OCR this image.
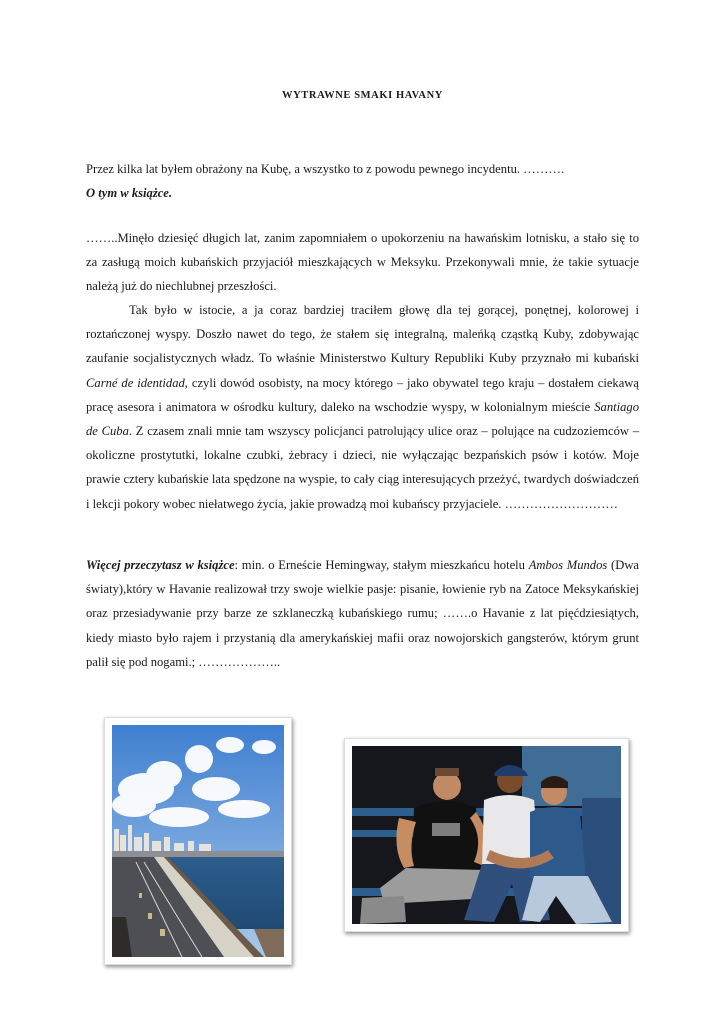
WYTRAWNE SMAKI HAVANY

Przez kilka lat byłem obrażony na Kubę, a wszystko to z powodu pewnego incydentu. ……….
O tym w książce.

……..Minęło dziesięć długich lat, zanim zapomniałem o upokorzeniu na hawańskim lotnisku, a stało się to za zasługą moich kubańskich przyjaciół mieszkających w Meksyku. Przekonywali mnie, że takie sytuacje należą już do niechlubnej przeszłości.

Tak było w istocie, a ja coraz bardziej traciłem głowę dla tej gorącej, ponętnej, kolorowej i roztańczonej wyspy. Doszło nawet do tego, że stałem się integralną, maleńką cząstką Kuby, zdobywając zaufanie socjalistycznych władz. To właśnie Ministerstwo Kultury Republiki Kuby przyznało mi kubański Carné de identidad, czyli dowód osobisty, na mocy którego – jako obywatel tego kraju – dostałem ciekawą pracę asesora i animatora w ośrodku kultury, daleko na wschodzie wyspy, w kolonialnym mieście Santiago de Cuba. Z czasem znali mnie tam wszyscy policjanci patrolujący ulice oraz – polujące na cudzoziemców – okoliczne prostytutki, lokalne czubki, żebracy i dzieci, nie wyłączając bezpańskich psów i kotów. Moje prawie cztery kubańskie lata spędzone na wyspie, to cały ciąg interesujących przeżyć, twardych doświadczeń i lekcji pokory wobec niełatwego życia, jakie prowadzą moi kubańscy przyjaciele. ………………………

Więcej przeczytasz w książce: min. o Erneście Hemingway, stałym mieszkańcu hotelu Ambos Mundos (Dwa światy),który w Havanie realizował trzy swoje wielkie pasje: pisanie, łowienie ryb na Zatoce Meksykańskiej oraz przesiadywanie przy barze ze szklaneczką kubańskiego rumu; …….o Havanie z lat pięćdziesiątych, kiedy miasto było rajem i przystanią dla amerykańskiej mafii oraz nowojorskich gangsterów, którym grunt palił się pod nogami.; ………………..
